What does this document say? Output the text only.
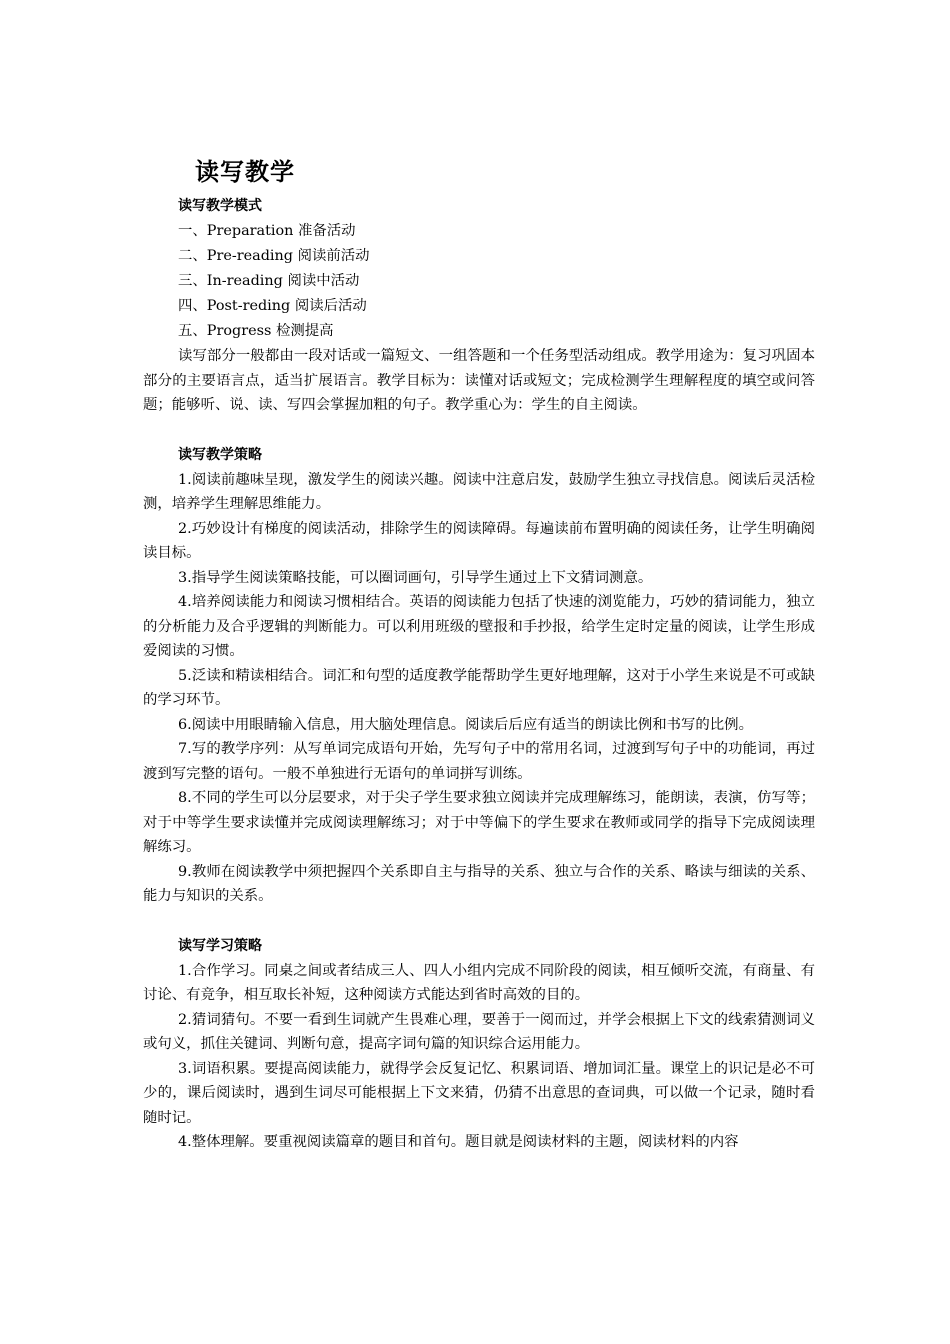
读写教学
读写教学模式

一、Preparation 准备活动

二、Pre-reading 阅读前活动

三、In-reading 阅读中活动

四、Post-reding 阅读后活动

五、Progress 检测提高

读写部分一般都由一段对话或一篇短文、一组答题和一个任务型活动组成。教学用途为：复习巩固本部分的主要语言点，适当扩展语言。教学目标为：读懂对话或短文；完成检测学生理解程度的填空或问答题；能够听、说、读、写四会掌握加粗的句子。教学重心为：学生的自主阅读。

读写教学策略

1.阅读前趣味呈现，激发学生的阅读兴趣。阅读中注意启发，鼓励学生独立寻找信息。阅读后灵活检测，培养学生理解思维能力。

2.巧妙设计有梯度的阅读活动，排除学生的阅读障碍。每遍读前布置明确的阅读任务，让学生明确阅读目标。

3.指导学生阅读策略技能，可以圈词画句，引导学生通过上下文猜词测意。

4.培养阅读能力和阅读习惯相结合。英语的阅读能力包括了快速的浏览能力，巧妙的猜词能力，独立的分析能力及合乎逻辑的判断能力。可以利用班级的壁报和手抄报，给学生定时定量的阅读，让学生形成爱阅读的习惯。

5.泛读和精读相结合。词汇和句型的适度教学能帮助学生更好地理解，这对于小学生来说是不可或缺的学习环节。

6.阅读中用眼睛输入信息，用大脑处理信息。阅读后后应有适当的朗读比例和书写的比例。

7.写的教学序列：从写单词完成语句开始，先写句子中的常用名词，过渡到写句子中的功能词，再过渡到写完整的语句。一般不单独进行无语句的单词拼写训练。

8.不同的学生可以分层要求，对于尖子学生要求独立阅读并完成理解练习，能朗读，表演，仿写等；对于中等学生要求读懂并完成阅读理解练习；对于中等偏下的学生要求在教师或同学的指导下完成阅读理解练习。

9.教师在阅读教学中须把握四个关系即自主与指导的关系、独立与合作的关系、略读与细读的关系、能力与知识的关系。

读写学习策略

1.合作学习。同桌之间或者结成三人、四人小组内完成不同阶段的阅读，相互倾听交流，有商量、有讨论、有竞争，相互取长补短，这种阅读方式能达到省时高效的目的。

2.猜词猜句。不要一看到生词就产生畏难心理，要善于一阅而过，并学会根据上下文的线索猜测词义或句义，抓住关键词、判断句意，提高字词句篇的知识综合运用能力。

3.词语积累。要提高阅读能力，就得学会反复记忆、积累词语、增加词汇量。课堂上的识记是必不可少的，课后阅读时，遇到生词尽可能根据上下文来猜，仍猜不出意思的查词典，可以做一个记录，随时看随时记。

4.整体理解。要重视阅读篇章的题目和首句。题目就是阅读材料的主题，阅读材料的内容
